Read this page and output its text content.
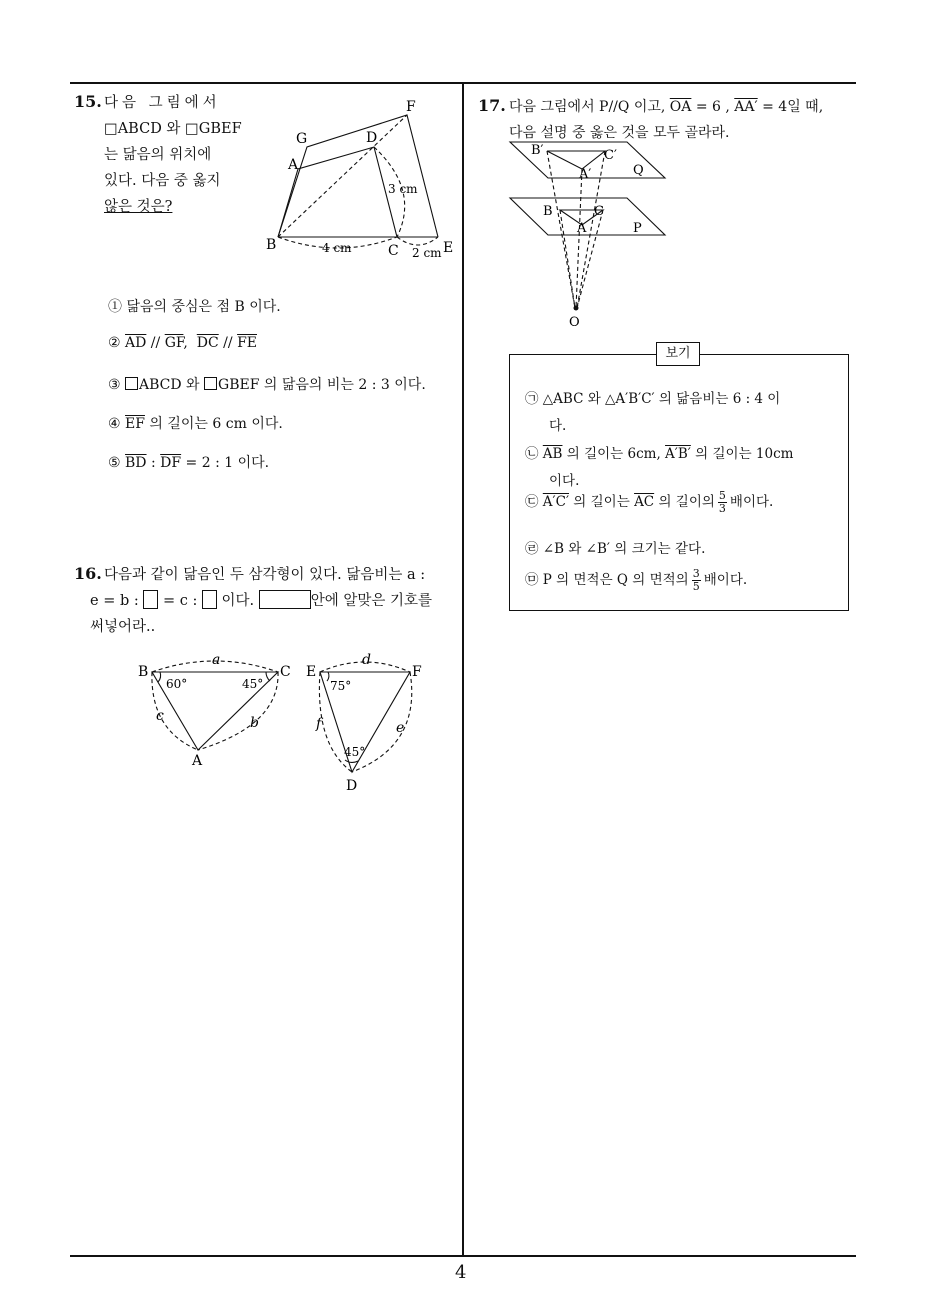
4
15. 다음 그림에서
□ABCD 와 □GBEF
는 닮음의 위치에
있다. 다음 중 옳지
않은 것은?
F
G	D
A
3 cm
B	4 cm	C 2 cm E
① 닮음의 중심은 점 B 이다.
② $\overline{AD} // \overline{GF}$,  $\overline{DC} // \overline{FE}$
③ ABCD 와 GBEF 의 닮음의 비는 2 : 3 이다.
④ $\overline{EF}$ 의 길이는 6 cm 이다.
⑤ $\overline{BD}$ : $\overline{DF} = 2$ : 1 이다.
16. 다음과 같이 닮음인 두 삼각형이 있다. 닮음비는 a :
e = b : = c : 이다.	안에 알맞은 기호를
써넣어라..
B	C
A
a
b
c
60°	45°
E	F
D
d
e
f
75°
45°
17. 다음 그림에서 P//Q 이고, $\overline{OA} = 6$ , AA′ = 4일 때,
다음 설명 중 옳은 것을 모두 골라라.
B′	C′
A′	Q
B	C
A	P
O
보기
㉠ △ABC 와 △A′B′C′ 의 닮음비는 6 : 4 이
다.
㉡ $\overline{AB}$ 의 길이는 6cm, A′B′ 의 길이는 10cm
이다.
㉢ A′C′ 의 길이는 $\overline{AC}$ 의 길이의 $\frac{5}{3}$ 배이다.
㉣ ∠B 와 ∠B′ 의 크기는 같다.
㉤ P 의 면적은 Q 의 면적의 $\frac{3}{5}$ 배이다.
